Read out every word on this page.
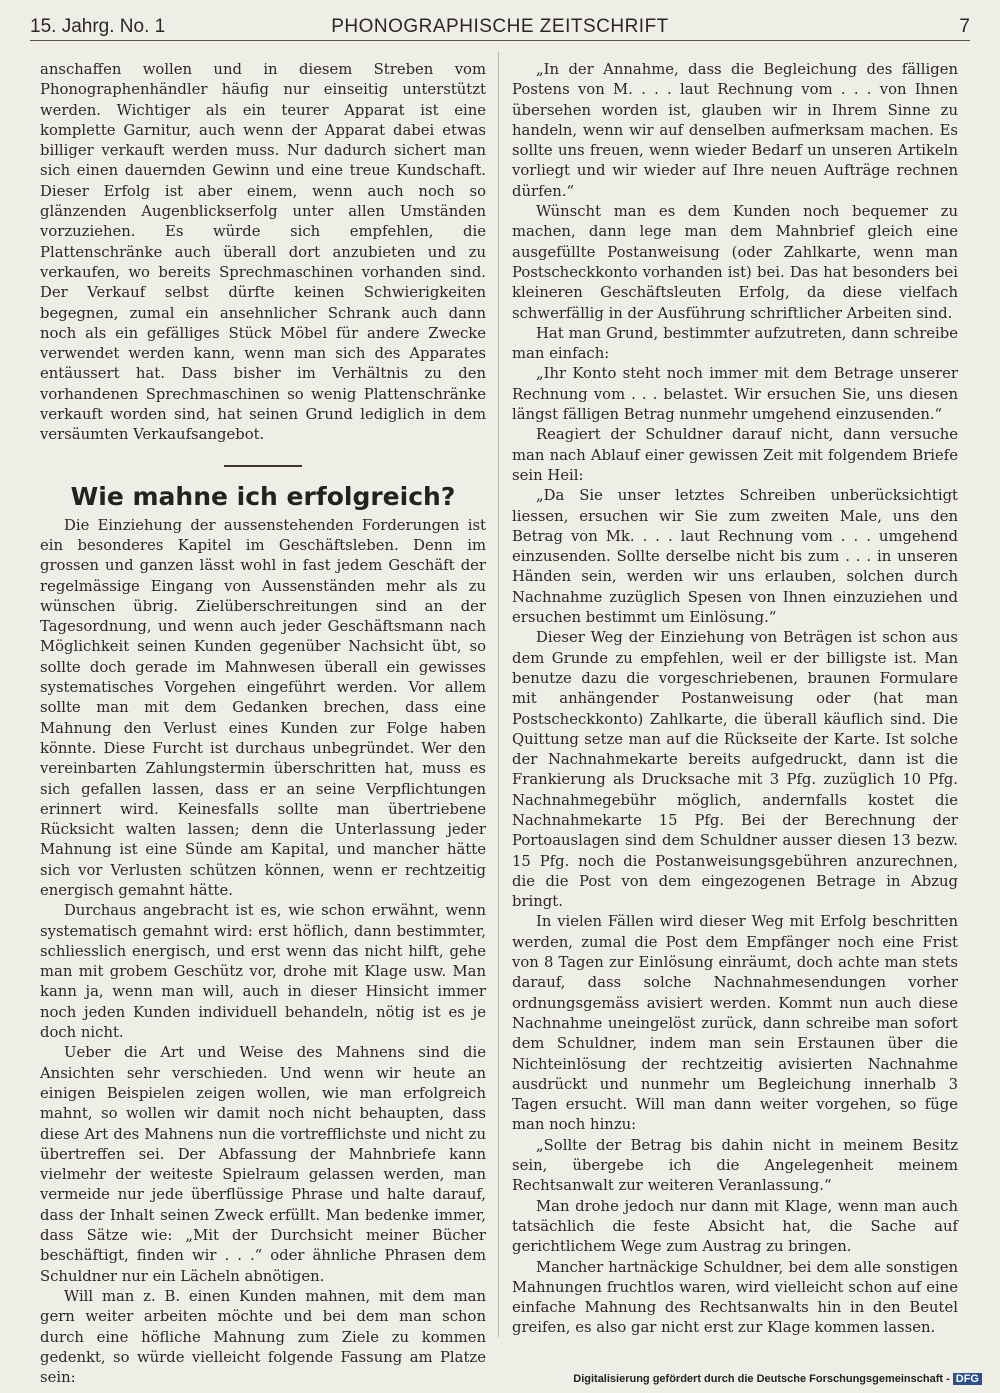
15. Jahrg. No. 1	PHONOGRAPHISCHE ZEITSCHRIFT	7

anschaffen wollen und in diesem Streben vom Phonographenhändler häufig nur einseitig unterstützt werden. Wichtiger als ein teurer Apparat ist eine komplette Garnitur, auch wenn der Apparat dabei etwas billiger verkauft werden muss. Nur dadurch sichert man sich einen dauernden Gewinn und eine treue Kundschaft. Dieser Erfolg ist aber einem, wenn auch noch so glänzenden Augenblickserfolg unter allen Umständen vorzuziehen. Es würde sich empfehlen, die Plattenschränke auch überall dort anzubieten und zu verkaufen, wo bereits Sprechmaschinen vorhanden sind. Der Verkauf selbst dürfte keinen Schwierigkeiten begegnen, zumal ein ansehnlicher Schrank auch dann noch als ein gefälliges Stück Möbel für andere Zwecke verwendet werden kann, wenn man sich des Apparates entäussert hat. Dass bisher im Verhältnis zu den vorhandenen Sprechmaschinen so wenig Plattenschränke verkauft worden sind, hat seinen Grund lediglich in dem versäumten Verkaufsangebot.

Wie mahne ich erfolgreich?

Die Einziehung der aussenstehenden Forderungen ist ein besonderes Kapitel im Geschäftsleben. Denn im grossen und ganzen lässt wohl in fast jedem Geschäft der regelmässige Eingang von Aussenständen mehr als zu wünschen übrig. Zielüberschreitungen sind an der Tagesordnung, und wenn auch jeder Geschäftsmann nach Möglichkeit seinen Kunden gegenüber Nachsicht übt, so sollte doch gerade im Mahnwesen überall ein gewisses systematisches Vorgehen eingeführt werden. Vor allem sollte man mit dem Gedanken brechen, dass eine Mahnung den Verlust eines Kunden zur Folge haben könnte. Diese Furcht ist durchaus unbegründet. Wer den vereinbarten Zahlungstermin überschritten hat, muss es sich gefallen lassen, dass er an seine Verpflichtungen erinnert wird. Keinesfalls sollte man übertriebene Rücksicht walten lassen; denn die Unterlassung jeder Mahnung ist eine Sünde am Kapital, und mancher hätte sich vor Verlusten schützen können, wenn er rechtzeitig energisch gemahnt hätte.

Durchaus angebracht ist es, wie schon erwähnt, wenn systematisch gemahnt wird: erst höflich, dann bestimmter, schliesslich energisch, und erst wenn das nicht hilft, gehe man mit grobem Geschütz vor, drohe mit Klage usw. Man kann ja, wenn man will, auch in dieser Hinsicht immer noch jeden Kunden individuell behandeln, nötig ist es je doch nicht.

Ueber die Art und Weise des Mahnens sind die Ansichten sehr verschieden. Und wenn wir heute an einigen Beispielen zeigen wollen, wie man erfolgreich mahnt, so wollen wir damit noch nicht behaupten, dass diese Art des Mahnens nun die vortrefflichste und nicht zu übertreffen sei. Der Abfassung der Mahnbriefe kann vielmehr der weiteste Spielraum gelassen werden, man vermeide nur jede überflüssige Phrase und halte darauf, dass der Inhalt seinen Zweck erfüllt. Man bedenke immer, dass Sätze wie: „Mit der Durchsicht meiner Bücher beschäftigt, finden wir . . .“ oder ähnliche Phrasen dem Schuldner nur ein Lächeln abnötigen.

Will man z. B. einen Kunden mahnen, mit dem man gern weiter arbeiten möchte und bei dem man schon durch eine höfliche Mahnung zum Ziele zu kommen gedenkt, so würde vielleicht folgende Fassung am Platze sein:

„In der Annahme, dass die Begleichung des fälligen Postens von M. . . . laut Rechnung vom . . . von Ihnen übersehen worden ist, glauben wir in Ihrem Sinne zu handeln, wenn wir auf denselben aufmerksam machen. Es sollte uns freuen, wenn wieder Bedarf un unseren Artikeln vorliegt und wir wieder auf Ihre neuen Aufträge rechnen dürfen.“

Wünscht man es dem Kunden noch bequemer zu machen, dann lege man dem Mahnbrief gleich eine ausgefüllte Postanweisung (oder Zahlkarte, wenn man Postscheckkonto vorhanden ist) bei. Das hat besonders bei kleineren Geschäftsleuten Erfolg, da diese vielfach schwerfällig in der Ausführung schriftlicher Arbeiten sind.

Hat man Grund, bestimmter aufzutreten, dann schreibe man einfach:

„Ihr Konto steht noch immer mit dem Betrage unserer Rechnung vom . . . belastet. Wir ersuchen Sie, uns diesen längst fälligen Betrag nunmehr umgehend einzusenden.“

Reagiert der Schuldner darauf nicht, dann versuche man nach Ablauf einer gewissen Zeit mit folgendem Briefe sein Heil:

„Da Sie unser letztes Schreiben unberücksichtigt liessen, ersuchen wir Sie zum zweiten Male, uns den Betrag von Mk. . . . laut Rechnung vom . . . umgehend einzusenden. Sollte derselbe nicht bis zum . . . in unseren Händen sein, werden wir uns erlauben, solchen durch Nachnahme zuzüglich Spesen von Ihnen einzuziehen und ersuchen bestimmt um Einlösung.“

Dieser Weg der Einziehung von Beträgen ist schon aus dem Grunde zu empfehlen, weil er der billigste ist. Man benutze dazu die vorgeschriebenen, braunen Formulare mit anhängender Postanweisung oder (hat man Postscheckkonto) Zahlkarte, die überall käuflich sind. Die Quittung setze man auf die Rückseite der Karte. Ist solche der Nachnahmekarte bereits aufgedruckt, dann ist die Frankierung als Drucksache mit 3 Pfg. zuzüglich 10 Pfg. Nachnahmegebühr möglich, andernfalls kostet die Nachnahmekarte 15 Pfg. Bei der Berechnung der Portoauslagen sind dem Schuldner ausser diesen 13 bezw. 15 Pfg. noch die Postanweisungsgebühren anzurechnen, die die Post von dem eingezogenen Betrage in Abzug bringt.

In vielen Fällen wird dieser Weg mit Erfolg beschritten werden, zumal die Post dem Empfänger noch eine Frist von 8 Tagen zur Einlösung einräumt, doch achte man stets darauf, dass solche Nachnahmesendungen vorher ordnungsgemäss avisiert werden. Kommt nun auch diese Nachnahme uneingelöst zurück, dann schreibe man sofort dem Schuldner, indem man sein Erstaunen über die Nichteinlösung der rechtzeitig avisierten Nachnahme ausdrückt und nunmehr um Begleichung innerhalb 3 Tagen ersucht. Will man dann weiter vorgehen, so füge man noch hinzu:

„Sollte der Betrag bis dahin nicht in meinem Besitz sein, übergebe ich die Angelegenheit meinem Rechtsanwalt zur weiteren Veranlassung.“

Man drohe jedoch nur dann mit Klage, wenn man auch tatsächlich die feste Absicht hat, die Sache auf gerichtlichem Wege zum Austrag zu bringen.

Mancher hartnäckige Schuldner, bei dem alle sonstigen Mahnungen fruchtlos waren, wird vielleicht schon auf eine einfache Mahnung des Rechtsanwalts hin in den Beutel greifen, es also gar nicht erst zur Klage kommen lassen.

Digitalisierung gefördert durch die Deutsche Forschungsgemeinschaft - DFG
